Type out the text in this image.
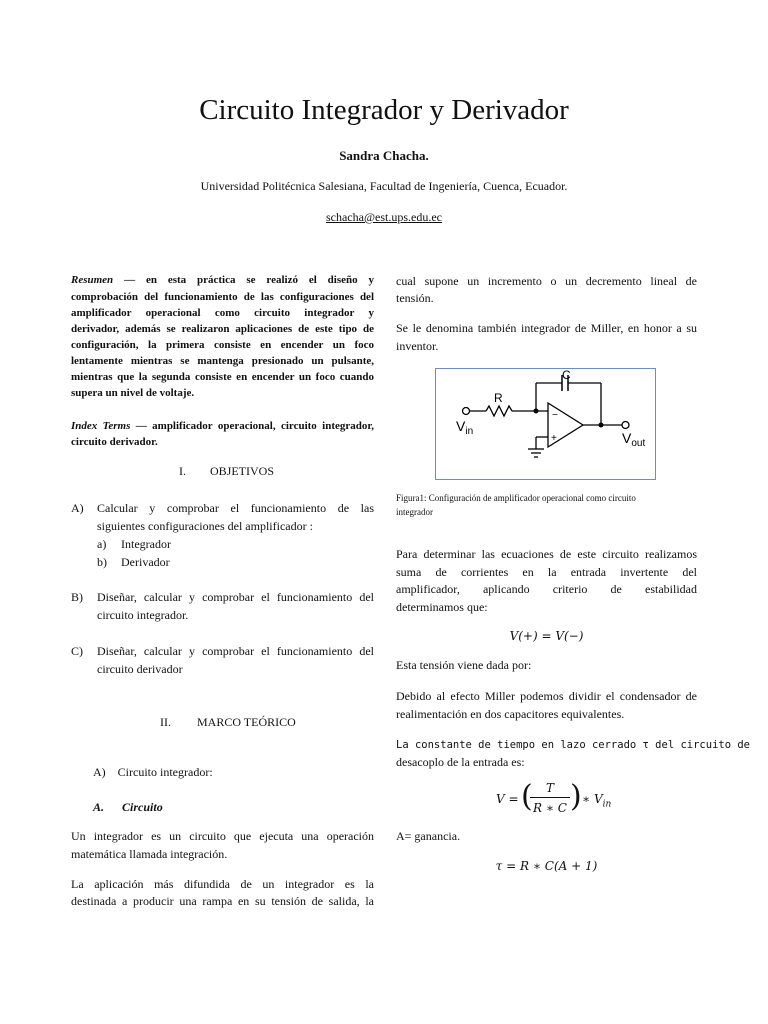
Circuito Integrador y Derivador
Sandra Chacha.
Universidad Politécnica Salesiana, Facultad de Ingeniería, Cuenca, Ecuador.
schacha@est.ups.edu.ec
Resumen — en esta práctica se realizó el diseño y
comprobación del funcionamiento de las configuraciones del
amplificador operacional como circuito integrador y
derivador, además se realizaron aplicaciones de este tipo de
configuración, la primera consiste en encender un foco
lentamente mientras se mantenga presionado un pulsante,
mientras que la segunda consiste en encender un foco cuando
supera un nivel de voltaje.
Index Terms — amplificador operacional, circuito integrador,
circuito derivador.
I. OBJETIVOS
A) Calcular y comprobar el funcionamiento de las
siguientes configuraciones del amplificador :
a) Integrador
b) Derivador
B) Diseñar, calcular y comprobar el funcionamiento del
circuito integrador.
C) Diseñar, calcular y comprobar el funcionamiento del
circuito derivador
II. MARCO TEÓRICO
A) Circuito integrador:
A. Circuito
Un integrador es un circuito que ejecuta una operación
matemática llamada integración.
La aplicación más difundida de un integrador es la
destinada a producir una rampa en su tensión de salida, la
cual supone un incremento o un decremento lineal de
tensión.
Se le denomina también integrador de Miller, en honor a su
inventor.
C
R
−
+
$V_{in}$	$V_{out}$
Figura1: Configuración de amplificador operacional como circuito
integrador
Para determinar las ecuaciones de este circuito realizamos
suma de corrientes en la entrada invertente del
amplificador, aplicando criterio de estabilidad
determinamos que:
V(+) = V(−)
Esta tensión viene dada por:
Debido al efecto Miller podemos dividir el condensador de
realimentación en dos capacitores equivalentes.
La constante de tiempo en lazo cerrado τ del circuito de
desacoplo de la entrada es:
V = (	T
R ∗ C ) ∗ $V_{in}$
A= ganancia.
τ = R ∗ C(A + 1)
